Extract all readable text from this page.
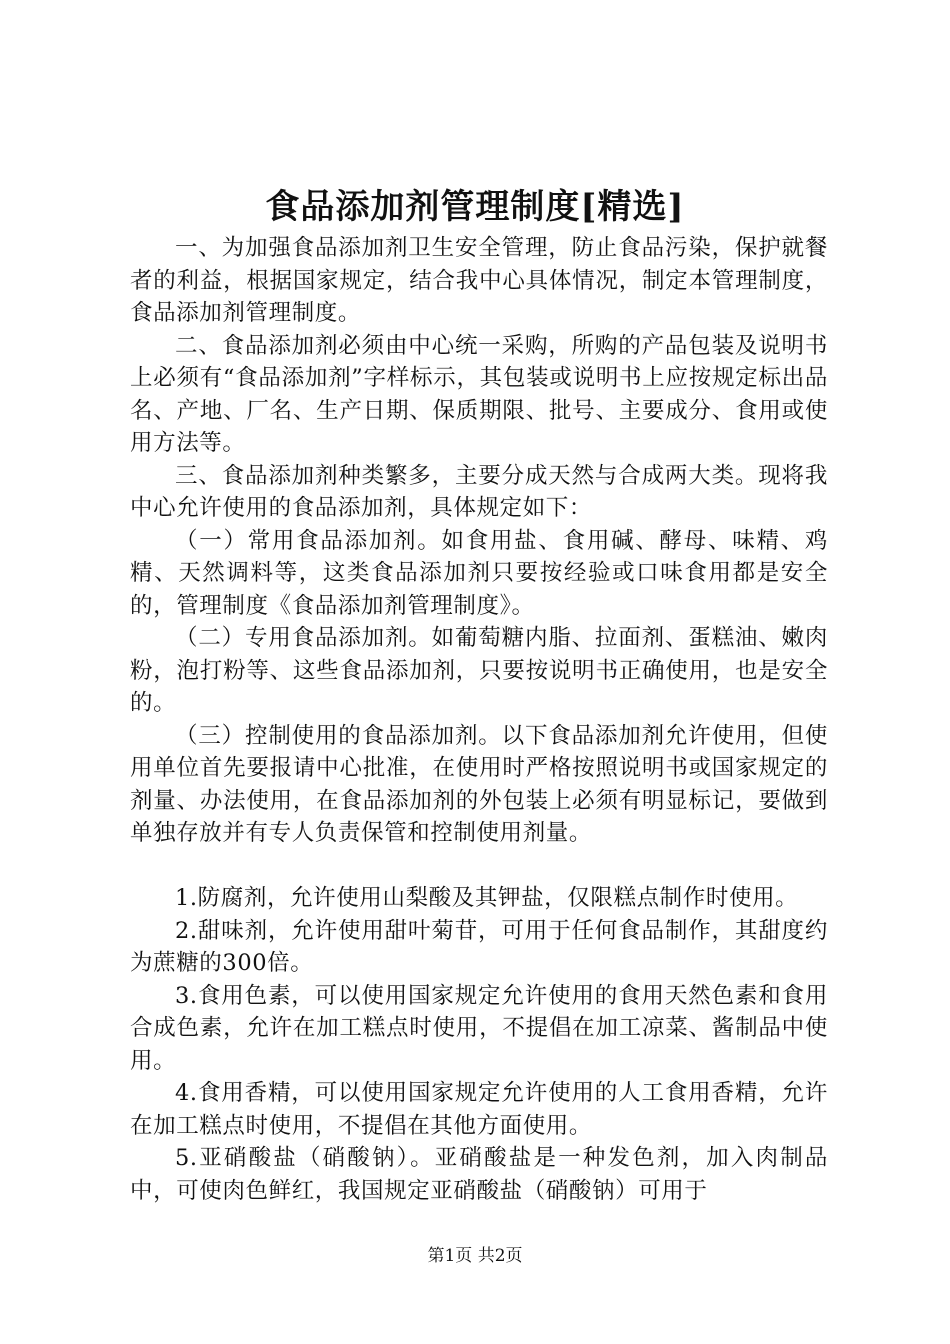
食品添加剂管理制度[精选]

一、为加强食品添加剂卫生安全管理，防止食品污染，保护就餐者的利益，根据国家规定，结合我中心具体情况，制定本管理制度，食品添加剂管理制度。

二、食品添加剂必须由中心统一采购，所购的产品包装及说明书上必须有“食品添加剂”字样标示，其包装或说明书上应按规定标出品名、产地、厂名、生产日期、保质期限、批号、主要成分、食用或使用方法等。

三、食品添加剂种类繁多，主要分成天然与合成两大类。现将我中心允许使用的食品添加剂，具体规定如下：

（一）常用食品添加剂。如食用盐、食用碱、酵母、味精、鸡精、天然调料等，这类食品添加剂只要按经验或口味食用都是安全的，管理制度《食品添加剂管理制度》。

（二）专用食品添加剂。如葡萄糖内脂、拉面剂、蛋糕油、嫩肉粉，泡打粉等、这些食品添加剂，只要按说明书正确使用，也是安全的。

（三）控制使用的食品添加剂。以下食品添加剂允许使用，但使用单位首先要报请中心批准，在使用时严格按照说明书或国家规定的剂量、办法使用，在食品添加剂的外包装上必须有明显标记，要做到单独存放并有专人负责保管和控制使用剂量。

1.防腐剂，允许使用山梨酸及其钾盐，仅限糕点制作时使用。

2.甜味剂，允许使用甜叶菊苷，可用于任何食品制作，其甜度约为蔗糖的300倍。

3.食用色素，可以使用国家规定允许使用的食用天然色素和食用合成色素，允许在加工糕点时使用，不提倡在加工凉菜、酱制品中使用。

4.食用香精，可以使用国家规定允许使用的人工食用香精，允许在加工糕点时使用，不提倡在其他方面使用。

5.亚硝酸盐（硝酸钠）。亚硝酸盐是一种发色剂，加入肉制品中，可使肉色鲜红，我国规定亚硝酸盐（硝酸钠）可用于

第1页 共2页
